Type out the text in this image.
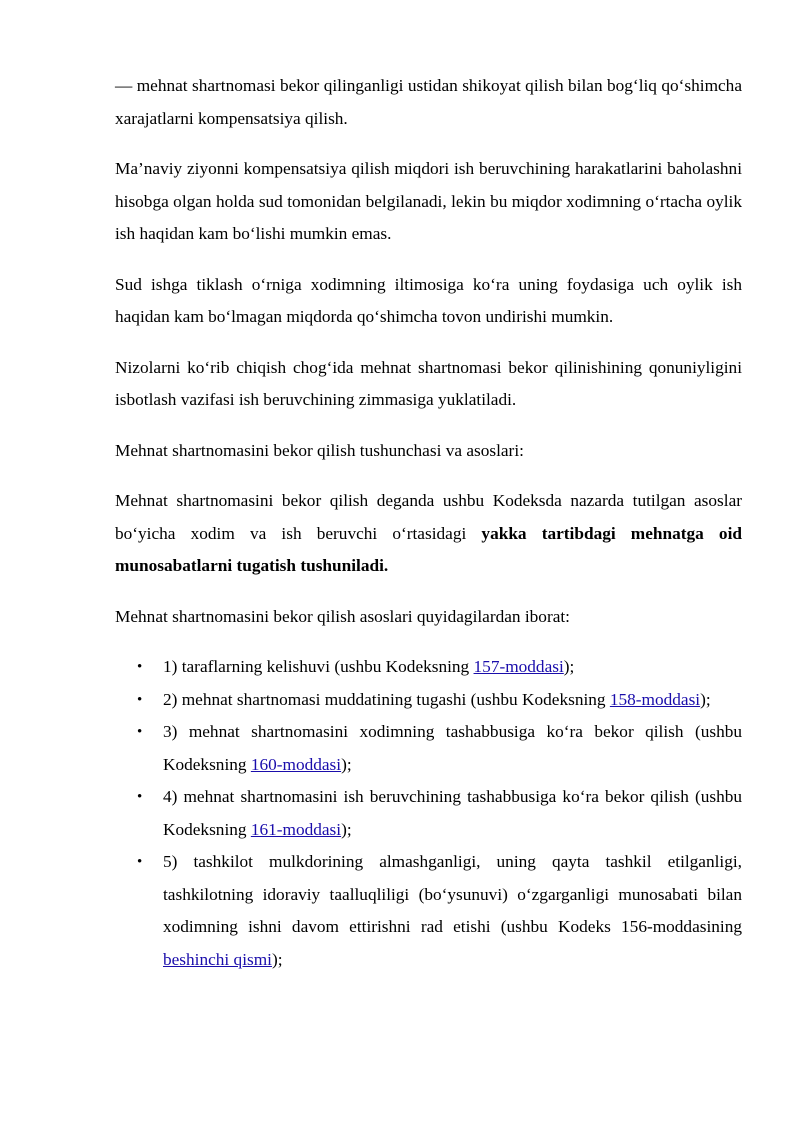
— mehnat shartnomasi bekor qilinganligi ustidan shikoyat qilish bilan bog‘liq qo‘shimcha xarajatlarni kompensatsiya qilish.

Ma’naviy ziyonni kompensatsiya qilish miqdori ish beruvchining harakatlarini baholashni hisobga olgan holda sud tomonidan belgilanadi, lekin bu miqdor xodimning o‘rtacha oylik ish haqidan kam bo‘lishi mumkin emas.

Sud ishga tiklash o‘rniga xodimning iltimosiga ko‘ra uning foydasiga uch oylik ish haqidan kam bo‘lmagan miqdorda qo‘shimcha tovon undirishi mumkin.

Nizolarni ko‘rib chiqish chog‘ida mehnat shartnomasi bekor qilinishining qonuniyligini isbotlash vazifasi ish beruvchining zimmasiga yuklatiladi.

Mehnat shartnomasini bekor qilish tushunchasi va asoslari:

Mehnat shartnomasini bekor qilish deganda ushbu Kodeksda nazarda tutilgan asoslar bo‘yicha xodim va ish beruvchi o‘rtasidagi yakka tartibdagi mehnatga oid munosabatlarni tugatish tushuniladi.

Mehnat shartnomasini bekor qilish asoslari quyidagilardan iborat:

• 1) taraflarning kelishuvi (ushbu Kodeksning 157-moddasi);
• 2) mehnat shartnomasi muddatining tugashi (ushbu Kodeksning 158-moddasi);
• 3) mehnat shartnomasini xodimning tashabbusiga ko‘ra bekor qilish (ushbu Kodeksning 160-moddasi);
• 4) mehnat shartnomasini ish beruvchining tashabbusiga ko‘ra bekor qilish (ushbu Kodeksning 161-moddasi);
• 5) tashkilot mulkdorining almashganligi, uning qayta tashkil etilganligi, tashkilotning idoraviy taalluqliligi (bo‘ysunuvi) o‘zgarganligi munosabati bilan xodimning ishni davom ettirishni rad etishi (ushbu Kodeks 156-moddasining beshinchi qismi);
